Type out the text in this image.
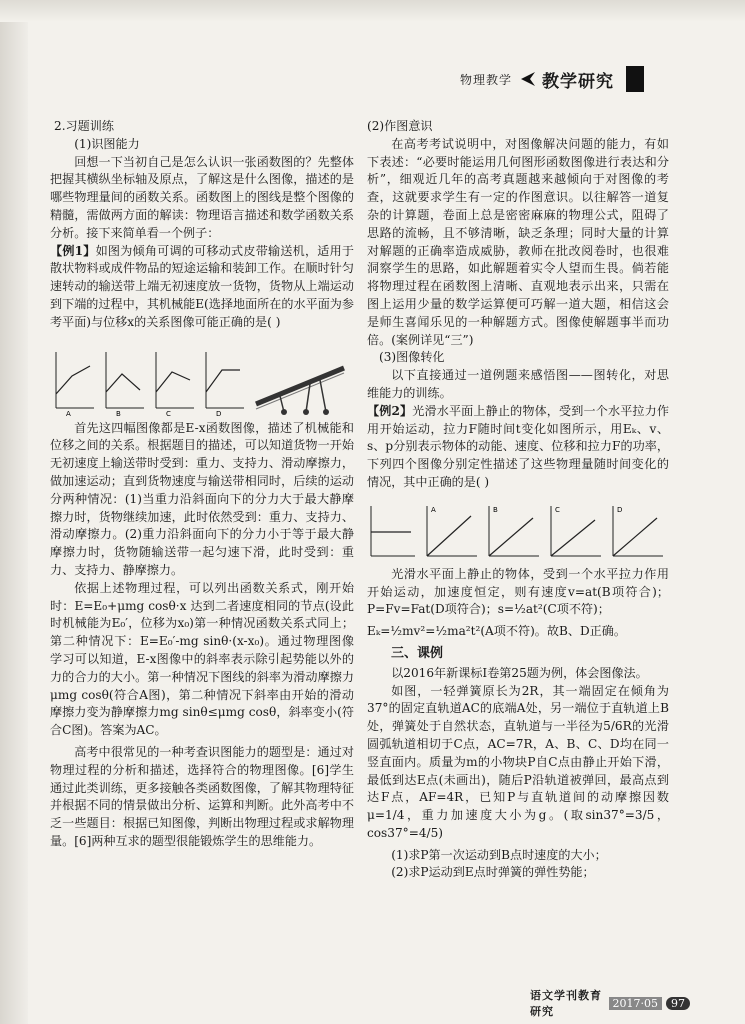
物理教学 教学研究

2.习题训练

(1)识图能力

回想一下当初自己是怎么认识一张函数图的？先整体把握其横纵坐标轴及原点，了解这是什么图像，描述的是哪些物理量间的函数关系。函数图上的图线是整个图像的精髓，需做两方面的解读：物理语言描述和数学函数关系分析。接下来简单看一个例子：

【例1】如图为倾角可调的可移动式皮带输送机，适用于散状物料或成件物品的短途运输和装卸工作。在顺时针匀速转动的输送带上端无初速度放一货物，货物从上端运动到下端的过程中，其机械能E(选择地面所在的水平面为参考平面)与位移x的关系图像可能正确的是( )

A	B	C	D

首先这四幅图像都是E-x函数图像，描述了机械能和位移之间的关系。根据题目的描述，可以知道货物一开始无初速度上输送带时受到：重力、支持力、滑动摩擦力，做加速运动；直到货物速度与输送带相同时，后续的运动分两种情况：(1)当重力沿斜面向下的分力大于最大静摩擦力时，货物继续加速，此时依然受到：重力、支持力、滑动摩擦力。(2)重力沿斜面向下的分力小于等于最大静摩擦力时，货物随输送带一起匀速下滑，此时受到：重力、支持力、静摩擦力。

依据上述物理过程，可以列出函数关系式，刚开始时：E=E₀+μmg cosθ·x 达到二者速度相同的节点(设此时机械能为E₀′，位移为x₀)第一种情况函数关系式同上；第二种情况下：E=E₀′-mg sinθ·(x-x₀)。通过物理图像学习可以知道，E-x图像中的斜率表示除引起势能以外的力的合力的大小。第一种情况下图线的斜率为滑动摩擦力μmg cosθ(符合A图)，第二种情况下斜率由开始的滑动摩擦力变为静摩擦力mg sinθ≤μmg cosθ，斜率变小(符合C图)。答案为AC。

高考中很常见的一种考查识图能力的题型是：通过对物理过程的分析和描述，选择符合的物理图像。[6]学生通过此类训练，更多接触各类函数图像，了解其物理特征并根据不同的情景做出分析、运算和判断。此外高考中不乏一些题目：根据已知图像，判断出物理过程或求解物理量。[6]两种互求的题型很能锻炼学生的思维能力。

(2)作图意识

在高考考试说明中，对图像解决问题的能力，有如下表述：“必要时能运用几何图形函数图像进行表达和分析”，细观近几年的高考真题越来越倾向于对图像的考查，这就要求学生有一定的作图意识。以往解答一道复杂的计算题，卷面上总是密密麻麻的物理公式，阻碍了思路的流畅，且不够清晰，缺乏条理；同时大量的计算对解题的正确率造成威胁，教师在批改阅卷时，也很难洞察学生的思路，如此解题着实令人望而生畏。倘若能将物理过程在函数图上清晰、直观地表示出来，只需在图上运用少量的数学运算便可巧解一道大题，相信这会是师生喜闻乐见的一种解题方式。图像使解题事半而功倍。(案例详见“三”)

(3)图像转化

以下直接通过一道例题来感悟图——图转化，对思维能力的训练。

【例2】光滑水平面上静止的物体，受到一个水平拉力作用开始运动，拉力F随时间t变化如图所示，用Eₖ、v、s、p分别表示物体的动能、速度、位移和拉力F的功率，下列四个图像分别定性描述了这些物理量随时间变化的情况，其中正确的是( )

A	B	C	D

光滑水平面上静止的物体，受到一个水平拉力作用开始运动，加速度恒定，则有速度v=at(B项符合)；P=Fv=Fat(D项符合)；s=½at²(C项不符)；

Eₖ=½mv²=½ma²t²(A项不符)。故B、D正确。

三、课例

以2016年新课标I卷第25题为例，体会图像法。

如图，一轻弹簧原长为2R，其一端固定在倾角为37°的固定直轨道AC的底端A处，另一端位于直轨道上B处，弹簧处于自然状态，直轨道与一半径为5/6R的光滑圆弧轨道相切于C点，AC=7R，A、B、C、D均在同一竖直面内。质量为m的小物块P自C点由静止开始下滑，最低到达E点(未画出)，随后P沿轨道被弹回，最高点到达F点，AF=4R，已知P与直轨道间的动摩擦因数μ=1/4，重力加速度大小为g。(取sin37°=3/5，cos37°=4/5)

(1)求P第一次运动到B点时速度的大小；

(2)求P运动到E点时弹簧的弹性势能；

语文学刊教育研究
2017·05	97
